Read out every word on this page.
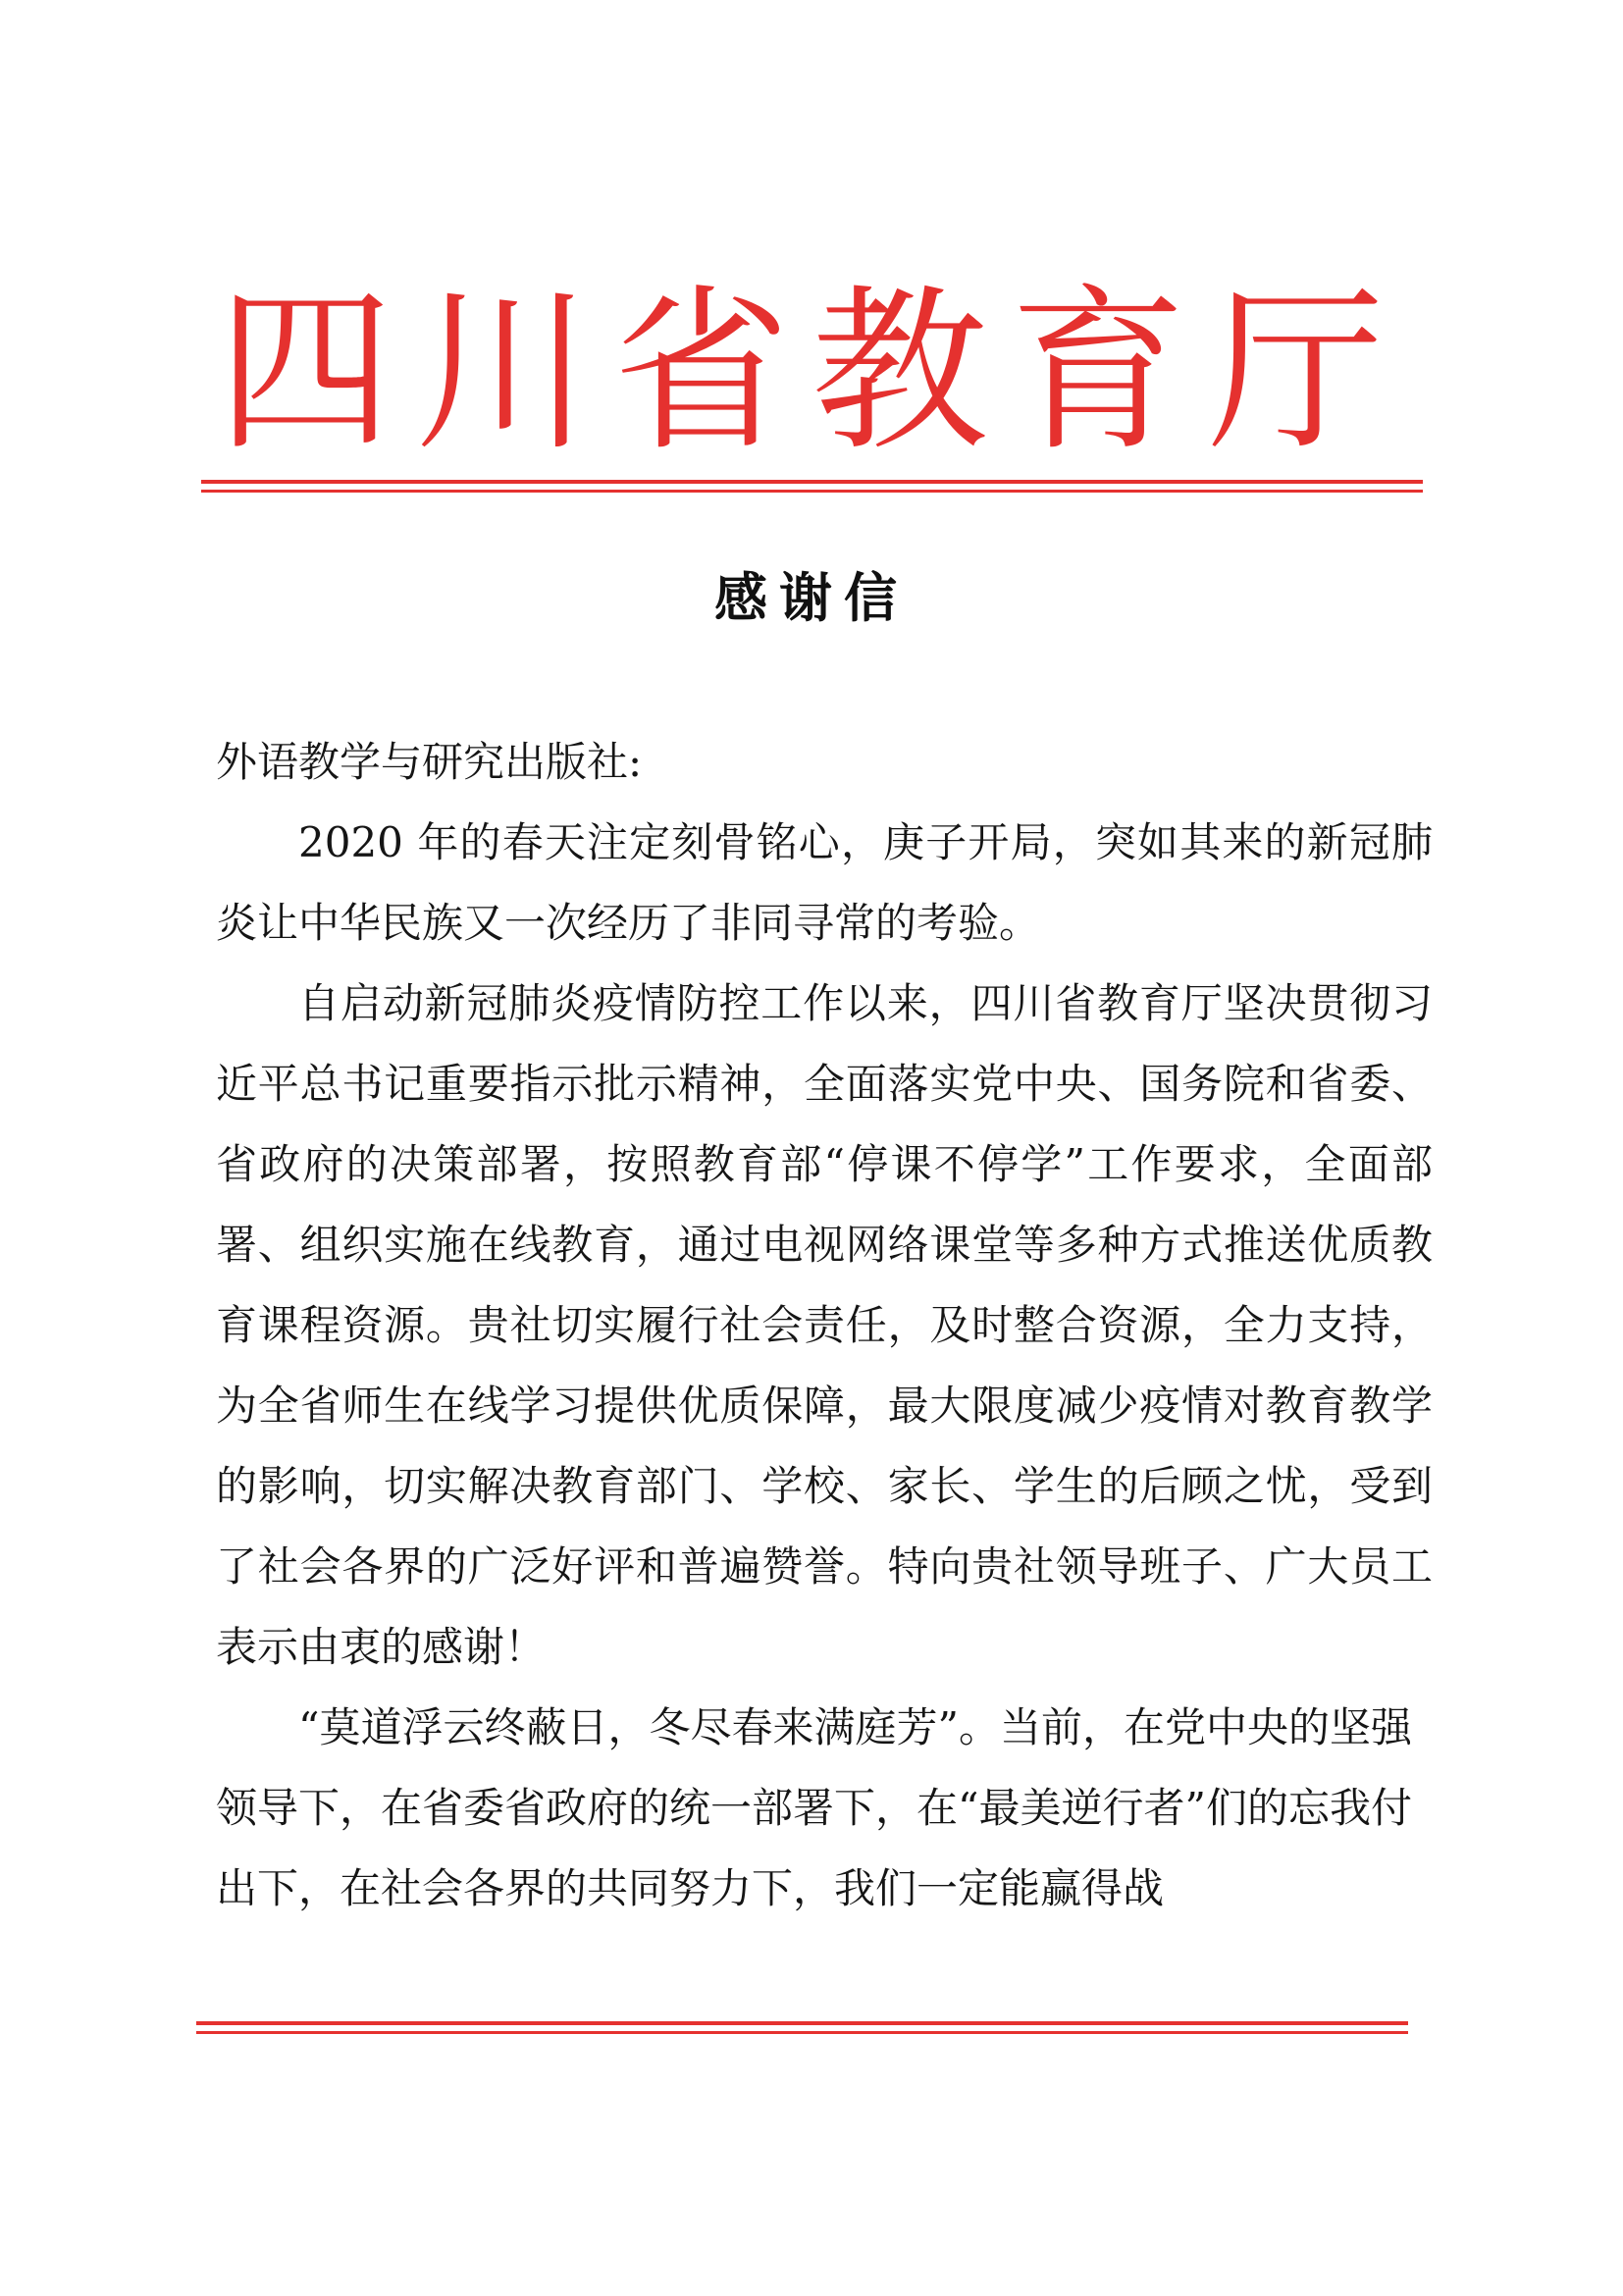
四川省教育厅
感谢信

外语教学与研究出版社:

2020 年的春天注定刻骨铭心，庚子开局，突如其来的新冠肺炎让中华民族又一次经历了非同寻常的考验。

自启动新冠肺炎疫情防控工作以来，四川省教育厅坚决贯彻习近平总书记重要指示批示精神，全面落实党中央、国务院和省委、省政府的决策部署，按照教育部“停课不停学”工作要求，全面部署、组织实施在线教育，通过电视网络课堂等多种方式推送优质教育课程资源。贵社切实履行社会责任，及时整合资源，全力支持，为全省师生在线学习提供优质保障，最大限度减少疫情对教育教学的影响，切实解决教育部门、学校、家长、学生的后顾之忧，受到了社会各界的广泛好评和普遍赞誉。特向贵社领导班子、广大员工表示由衷的感谢！

“莫道浮云终蔽日，冬尽春来满庭芳”。当前，在党中央的坚强领导下，在省委省政府的统一部署下，在“最美逆行者”们的忘我付出下，在社会各界的共同努力下，我们一定能赢得战
